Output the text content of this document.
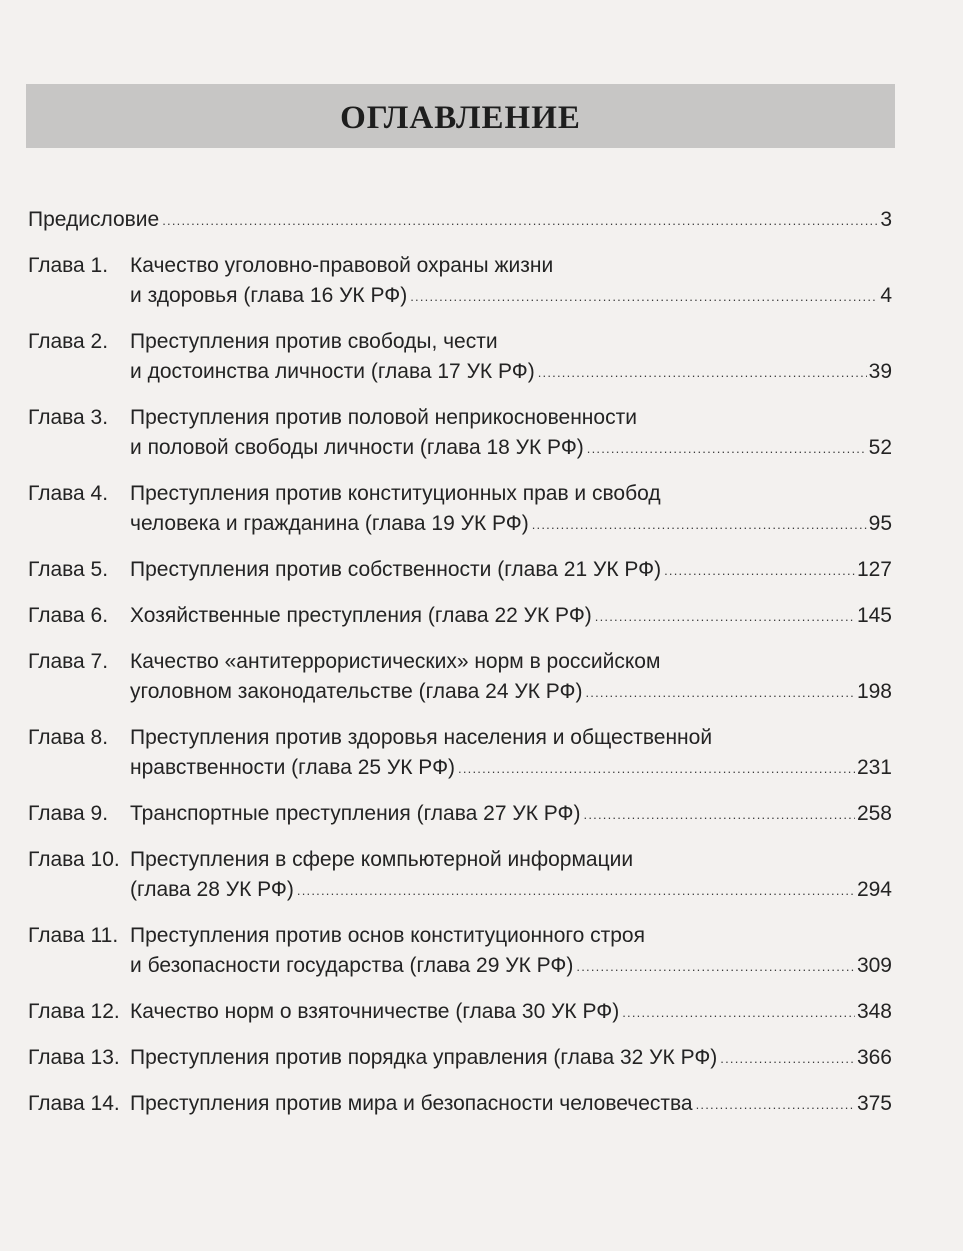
ОГЛАВЛЕНИЕ
Предисловие .....	3
Глава 1.	Качество уголовно-правовой охраны жизни
и здоровья (глава 16 УК РФ) .....	4
Глава 2.	Преступления против свободы, чести
и достоинства личности (глава 17 УК РФ) .....	39
Глава 3.	Преступления против половой неприкосновенности
и половой свободы личности (глава 18 УК РФ) .....	52
Глава 4.	Преступления против конституционных прав и свобод
человека и гражданина (глава 19 УК РФ) .....	95
Глава 5.	Преступления против собственности (глава 21 УК РФ) .....	127
Глава 6.	Хозяйственные преступления (глава 22 УК РФ) .....	145
Глава 7.	Качество «антитеррористических» норм в российском
уголовном законодательстве (глава 24 УК РФ) .....	198
Глава 8.	Преступления против здоровья населения и общественной
нравственности (глава 25 УК РФ) .....	231
Глава 9.	Транспортные преступления (глава 27 УК РФ) .....	258
Глава 10. Преступления в сфере компьютерной информации
(глава 28 УК РФ) .....	294
Глава 11. Преступления против основ конституционного строя
и безопасности государства (глава 29 УК РФ) .....	309
Глава 12. Качество норм о взяточничестве (глава 30 УК РФ) .....	348
Глава 13. Преступления против порядка управления (глава 32 УК РФ) .....	366
Глава 14. Преступления против мира и безопасности человечества .....	375
